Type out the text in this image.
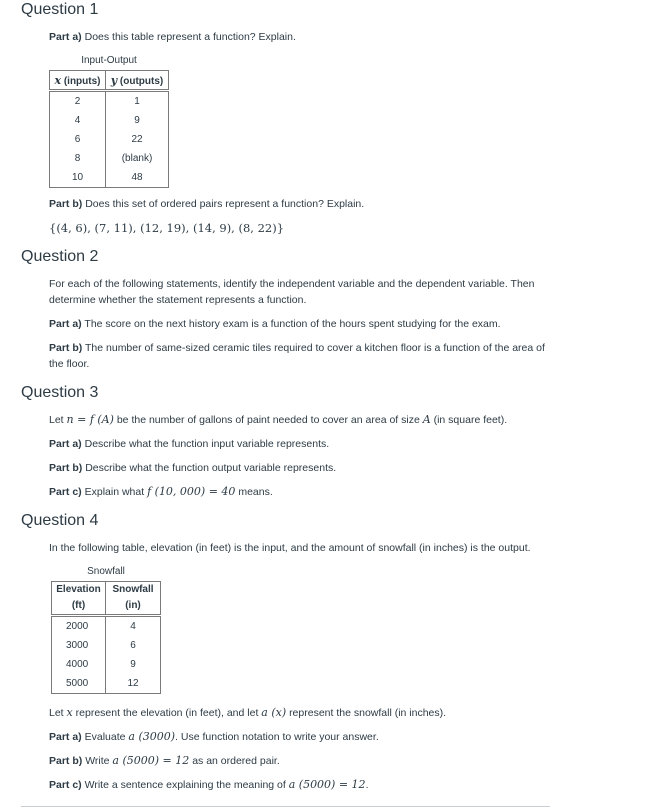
Question 1

Part a) Does this table represent a function? Explain.

Input-Output
x (inputs)	y (outputs)
2	1
4	9
6	22
8	(blank)
10	48

Part b) Does this set of ordered pairs represent a function? Explain.

{(4, 6), (7, 11), (12, 19), (14, 9), (8, 22)}

Question 2

For each of the following statements, identify the independent variable and the dependent variable. Then determine whether the statement represents a function.

Part a) The score on the next history exam is a function of the hours spent studying for the exam.

Part b) The number of same-sized ceramic tiles required to cover a kitchen floor is a function of the area of the floor.

Question 3

Let n = f (A) be the number of gallons of paint needed to cover an area of size A (in square feet).

Part a) Describe what the function input variable represents.

Part b) Describe what the function output variable represents.

Part c) Explain what f (10, 000) = 40 means.

Question 4

In the following table, elevation (in feet) is the input, and the amount of snowfall (in inches) is the output.

Snowfall
Elevation (ft)	Snowfall (in)
2000	4
3000	6
4000	9
5000	12

Let x represent the elevation (in feet), and let a (x) represent the snowfall (in inches).

Part a) Evaluate a (3000). Use function notation to write your answer.

Part b) Write a (5000) = 12 as an ordered pair.

Part c) Write a sentence explaining the meaning of a (5000) = 12.
